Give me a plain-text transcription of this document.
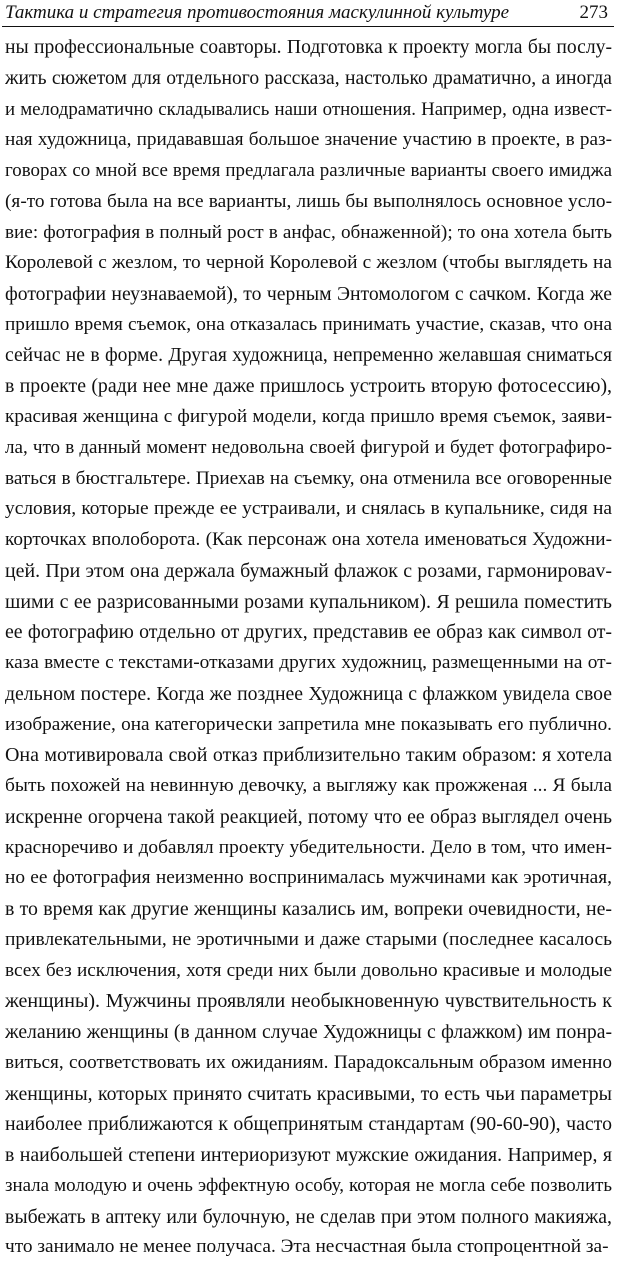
Тактика и стратегия противостояния маскулинной культуре	273
ны профессиональные соавторы. Подготовка к проекту могла бы послу-
жить сюжетом для отдельного рассказа, настолько драматично, а иногда
и мелодраматично складывались наши отношения. Например, одна извест-
ная художница, придававшая большое значение участию в проекте, в раз-
говорах со мной все время предлагала различные варианты своего имиджа
(я-то готова была на все варианты, лишь бы выполнялось основное усло-
вие: фотография в полный рост в анфас, обнаженной); то она хотела быть
Королевой с жезлом, то черной Королевой с жезлом (чтобы выглядеть на
фотографии неузнаваемой), то черным Энтомологом с сачком. Когда же
пришло время съемок, она отказалась принимать участие, сказав, что она
сейчас не в форме. Другая художница, непременно желавшая сниматься
в проекте (ради нее мне даже пришлось устроить вторую фотосессию),
красивая женщина с фигурой модели, когда пришло время съемок, заяви-
ла, что в данный момент недовольна своей фигурой и будет фотографиро-
ваться в бюстгальтере. Приехав на съемку, она отменила все оговоренные
условия, которые прежде ее устраивали, и снялась в купальнике, сидя на
корточках вполоборота. (Как персонаж она хотела именоваться Художни-
цей. При этом она держала бумажный флажок с розами, гармонироваv-
шими с ее разрисованными розами купальником). Я решила поместить
ее фотографию отдельно от других, представив ее образ как символ от-
каза вместе с текстами-отказами других художниц, размещенными на от-
дельном постере. Когда же позднее Художница с флажком увидела свое
изображение, она категорически запретила мне показывать его публично.
Она мотивировала свой отказ приблизительно таким образом: я хотела
быть похожей на невинную девочку, а выгляжу как прожженая ... Я была
искренне огорчена такой реакцией, потому что ее образ выглядел очень
красноречиво и добавлял проекту убедительности. Дело в том, что имен-
но ее фотография неизменно воспринималась мужчинами как эротичная,
в то время как другие женщины казались им, вопреки очевидности, не-
привлекательными, не эротичными и даже старыми (последнее касалось
всех без исключения, хотя среди них были довольно красивые и молодые
женщины). Мужчины проявляли необыкновенную чувствительность к
желанию женщины (в данном случае Художницы с флажком) им понра-
виться, соответствовать их ожиданиям. Парадоксальным образом именно
женщины, которых принято считать красивыми, то есть чьи параметры
наиболее приближаются к общепринятым стандартам (90-60-90), часто
в наибольшей степени интериоризуют мужские ожидания. Например, я
знала молодую и очень эффектную особу, которая не могла себе позволить
выбежать в аптеку или булочную, не сделав при этом полного макияжа,
что занимало не менее получаса. Эта несчастная была стопроцентной за-
